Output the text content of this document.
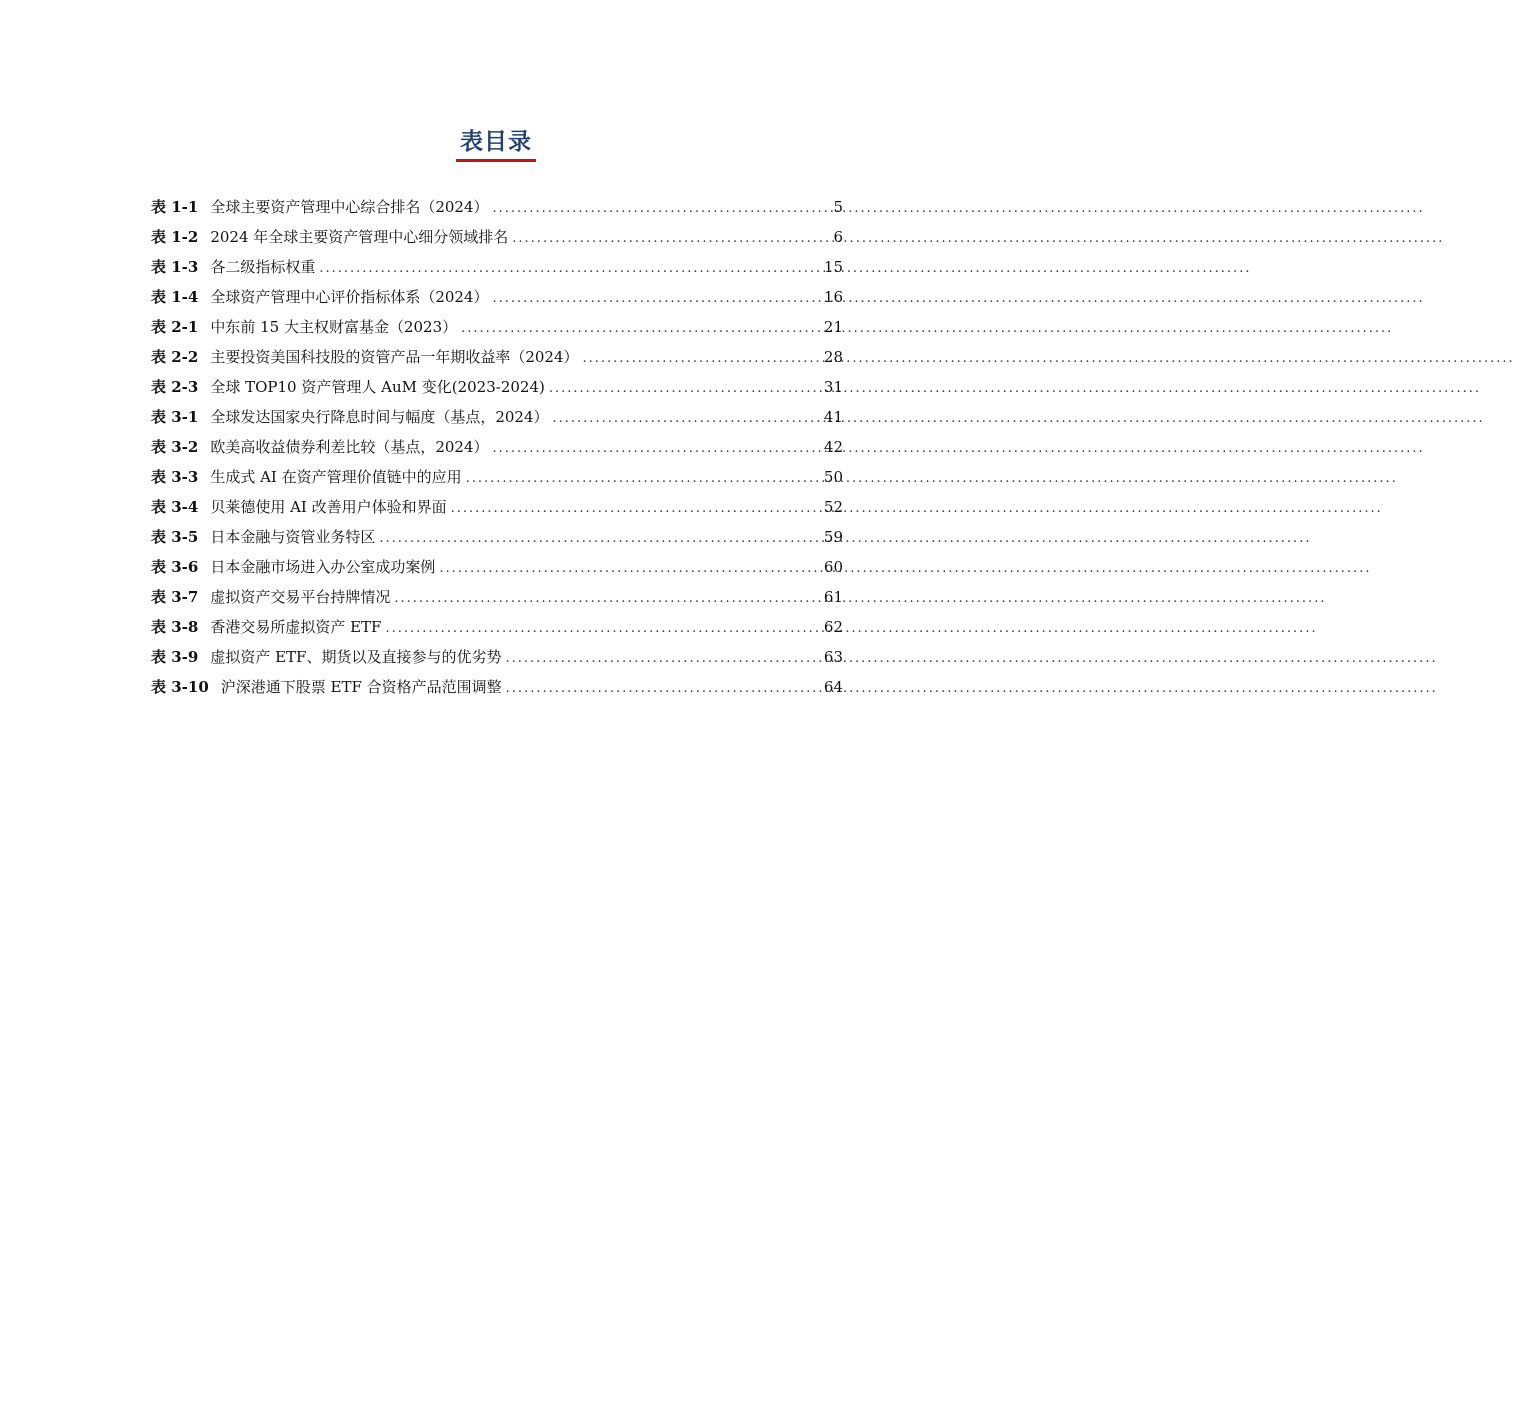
表目录
表 1-1 全球主要资产管理中心综合排名（2024） .....	5
表 1-2 2024 年全球主要资产管理中心细分领域排名 .....	6
表 1-3 各二级指标权重 .....	15
表 1-4 全球资产管理中心评价指标体系（2024） .....	16
表 2-1 中东前 15 大主权财富基金（2023） .....	21
表 2-2 主要投资美国科技股的资管产品一年期收益率（2024） .....	28
表 2-3 全球 TOP10 资产管理人 AuM 变化(2023-2024) .....	31
表 3-1 全球发达国家央行降息时间与幅度（基点，2024） .....	41
表 3-2 欧美高收益债券利差比较（基点，2024） .....	42
表 3-3 生成式 AI 在资产管理价值链中的应用 .....	50
表 3-4 贝莱德使用 AI 改善用户体验和界面 .....	52
表 3-5 日本金融与资管业务特区 .....	59
表 3-6 日本金融市场进入办公室成功案例 .....	60
表 3-7 虚拟资产交易平台持牌情况 .....	61
表 3-8 香港交易所虚拟资产 ETF .....	62
表 3-9 虚拟资产 ETF、期货以及直接参与的优劣势 .....	63
表 3-10 沪深港通下股票 ETF 合资格产品范围调整 .....	64
